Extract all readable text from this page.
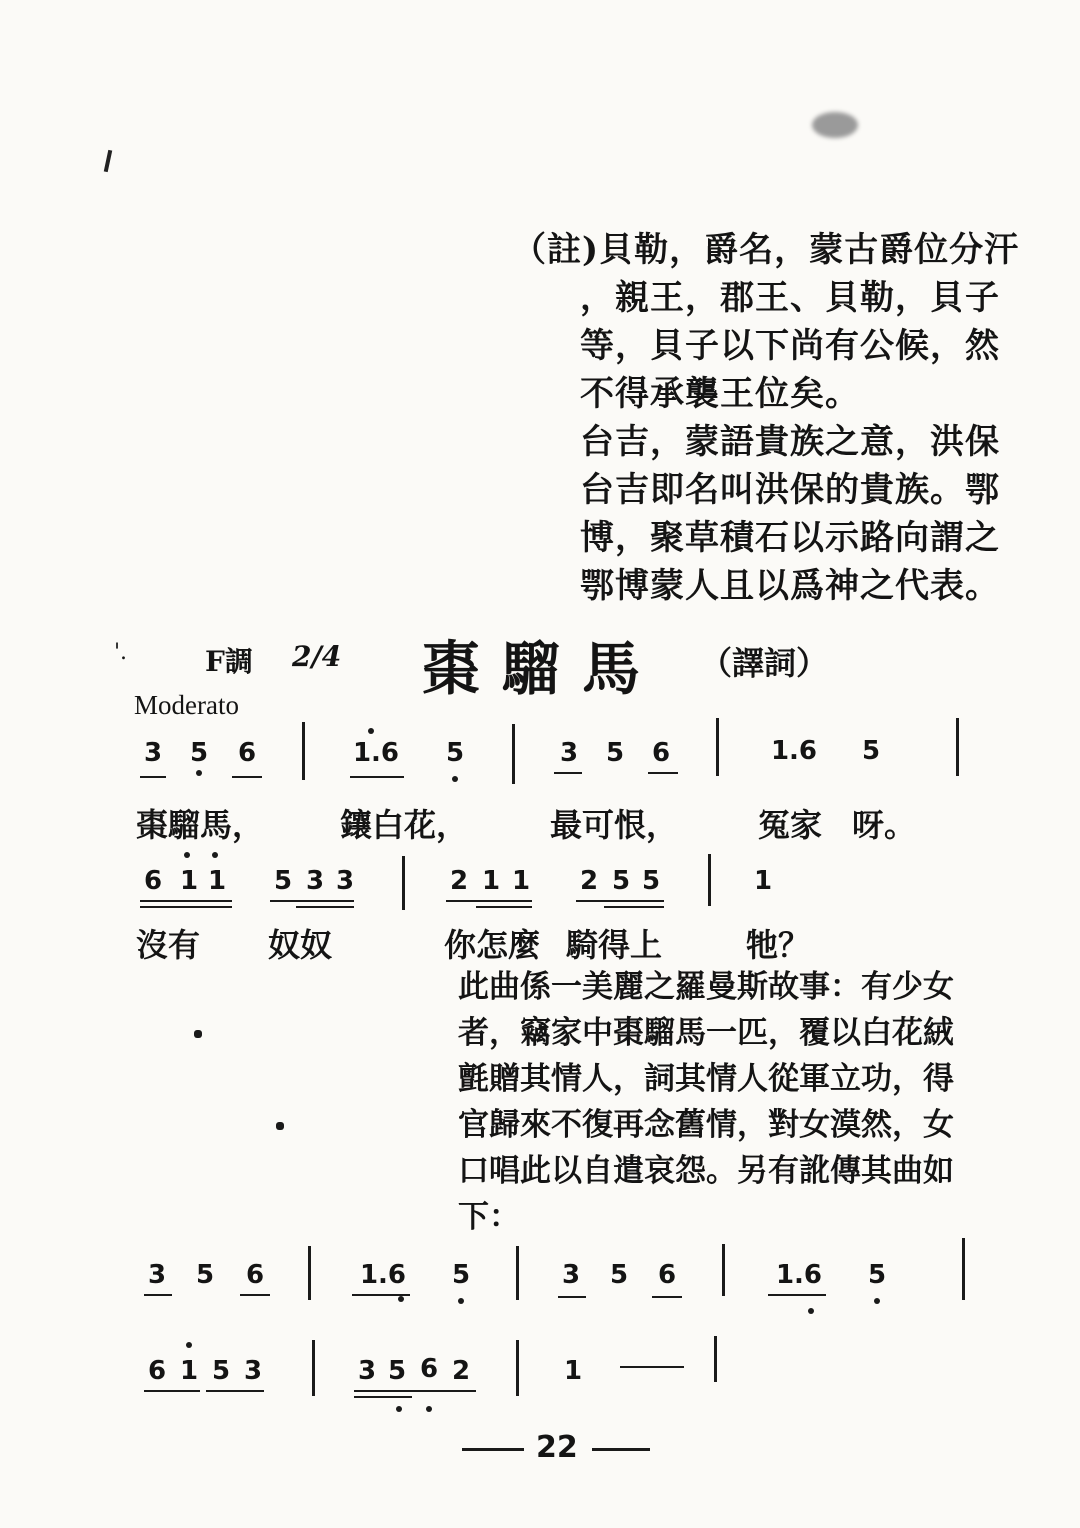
（註)貝勒，爵名，蒙古爵位分汗
，親王，郡王、貝勒，貝子
等，貝子以下尚有公候，然
不得承襲王位矣。
台吉，蒙語貴族之意，洪保
台吉即名叫洪保的貴族。鄂
博，聚草積石以示路向謂之
鄂博蒙人且以爲神之代表。
'.	F調 2/4 棗騮馬 （譯詞）
Moderato
3 5 6	1.6	5	3 5 6	1.6 5
棗騮馬， 鑲白花，	最可恨， 冤家 呀。
6 1 1 5 3 3	2 1 1 2 5 5	1
沒有 奴奴	你怎麼 騎得上	牠？
此曲係一美麗之羅曼斯故事：有少女
者，竊家中棗騮馬一匹，覆以白花絨
氈贈其情人，詞其情人從軍立功，得
官歸來不復再念舊情，對女漠然，女
口唱此以自遣哀怨。另有訛傳其曲如
下：
3 5 6	1.6	5	3 5 6	1.6	5
6 1 5 3	3 5 6 2	1
22
